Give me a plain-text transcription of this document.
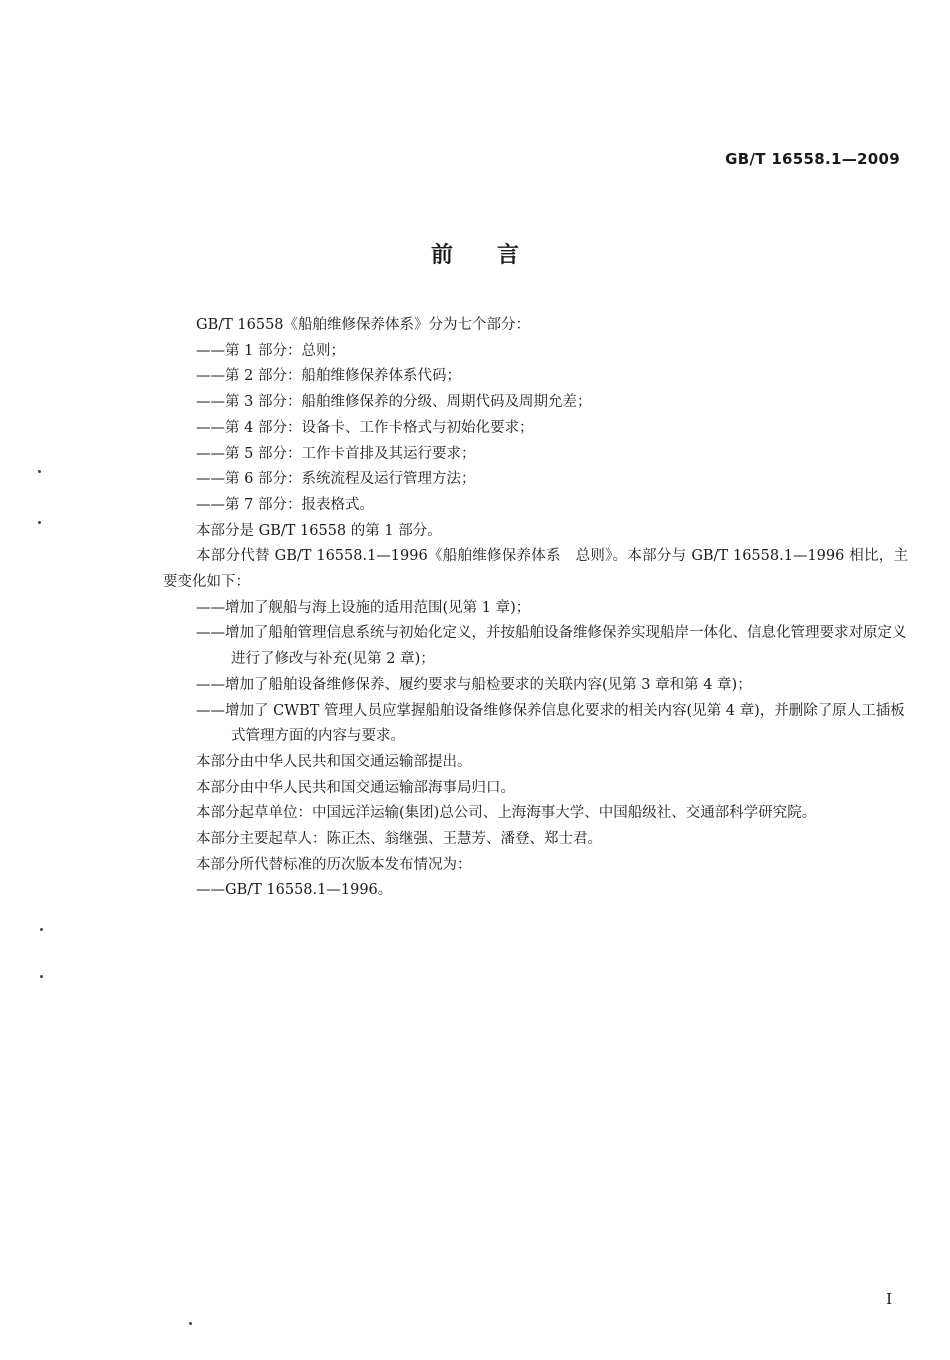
GB/T 16558.1—2009
前言

GB/T 16558《船舶维修保养体系》分为七个部分：

——第 1 部分：总则；

——第 2 部分：船舶维修保养体系代码；

——第 3 部分：船舶维修保养的分级、周期代码及周期允差；

——第 4 部分：设备卡、工作卡格式与初始化要求；

——第 5 部分：工作卡首排及其运行要求；

——第 6 部分：系统流程及运行管理方法；

——第 7 部分：报表格式。

本部分是 GB/T 16558 的第 1 部分。

本部分代替 GB/T 16558.1—1996《船舶维修保养体系　总则》。本部分与 GB/T 16558.1—1996 相比，主要变化如下：

——增加了舰船与海上设施的适用范围(见第 1 章)；

——增加了船舶管理信息系统与初始化定义，并按船舶设备维修保养实现船岸一体化、信息化管理要求对原定义进行了修改与补充(见第 2 章)；

——增加了船舶设备维修保养、履约要求与船检要求的关联内容(见第 3 章和第 4 章)；

——增加了 CWBT 管理人员应掌握船舶设备维修保养信息化要求的相关内容(见第 4 章)，并删除了原人工插板式管理方面的内容与要求。

本部分由中华人民共和国交通运输部提出。

本部分由中华人民共和国交通运输部海事局归口。

本部分起草单位：中国远洋运输(集团)总公司、上海海事大学、中国船级社、交通部科学研究院。

本部分主要起草人：陈正杰、翁继强、王慧芳、潘登、郑士君。

本部分所代替标准的历次版本发布情况为：

——GB/T 16558.1—1996。

I
